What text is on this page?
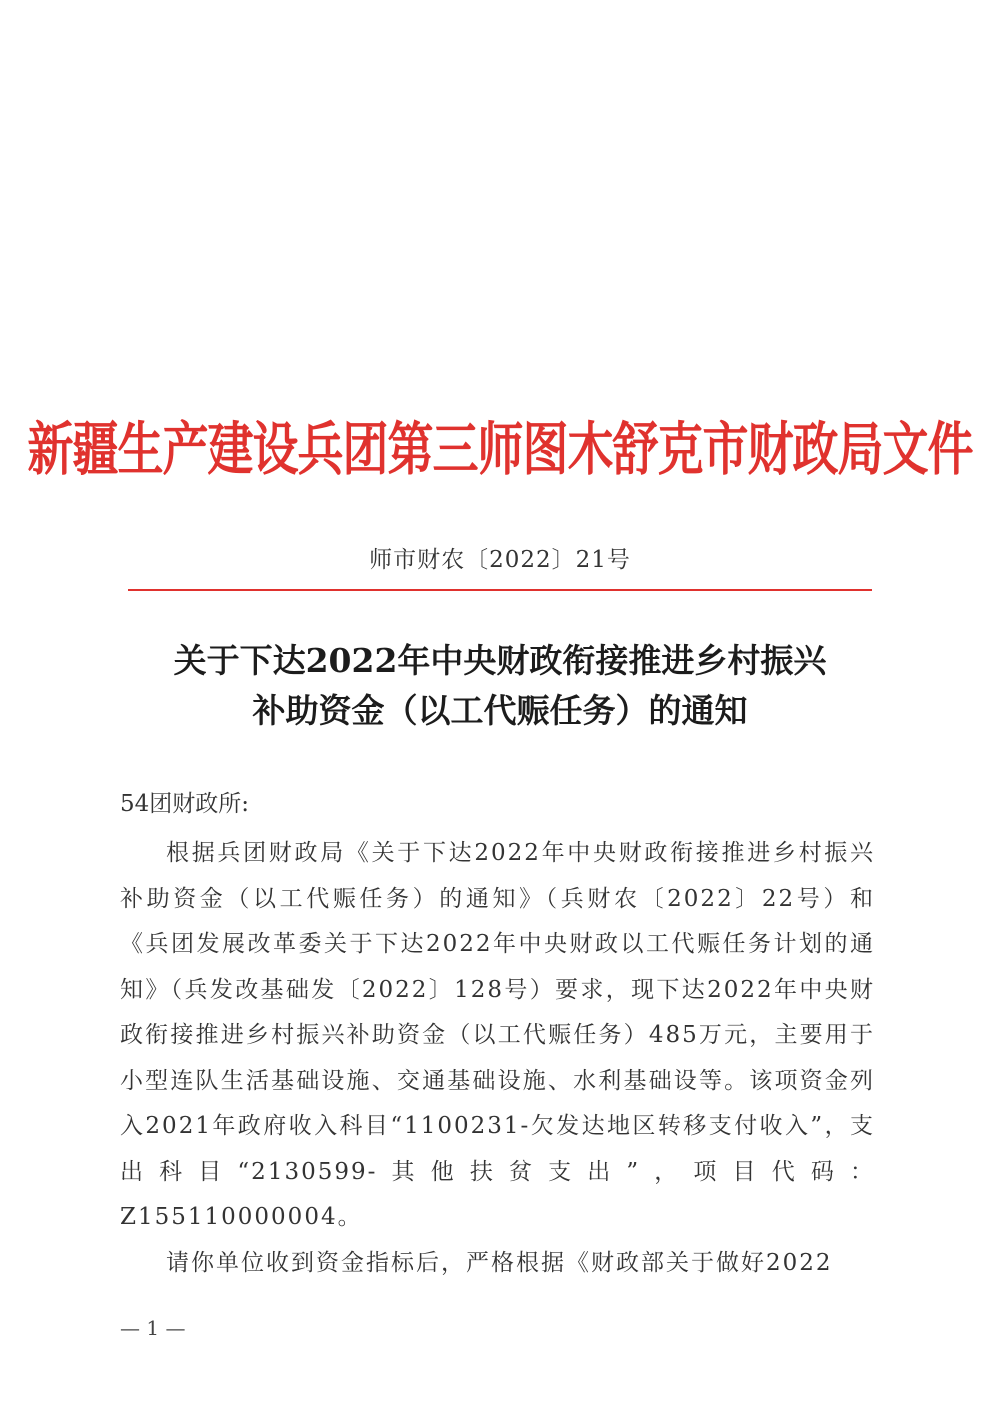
新疆生产建设兵团第三师图木舒克市财政局文件
师市财农〔2022〕21号
关于下达2022年中央财政衔接推进乡村振兴
补助资金（以工代赈任务）的通知
54团财政所:

根据兵团财政局《关于下达2022年中央财政衔接推进乡村振兴补助资金（以工代赈任务）的通知》（兵财农〔2022〕22号）和《兵团发展改革委关于下达2022年中央财政以工代赈任务计划的通知》（兵发改基础发〔2022〕128号）要求，现下达2022年中央财政衔接推进乡村振兴补助资金（以工代赈任务）485万元，主要用于小型连队生活基础设施、交通基础设施、水利基础设等。该项资金列入2021年政府收入科目“1100231-欠发达地区转移支付收入”，支出科目“2130599-其他扶贫支出”，项目代码：Z155110000004。

请你单位收到资金指标后，严格根据《财政部关于做好2022

— 1 —
